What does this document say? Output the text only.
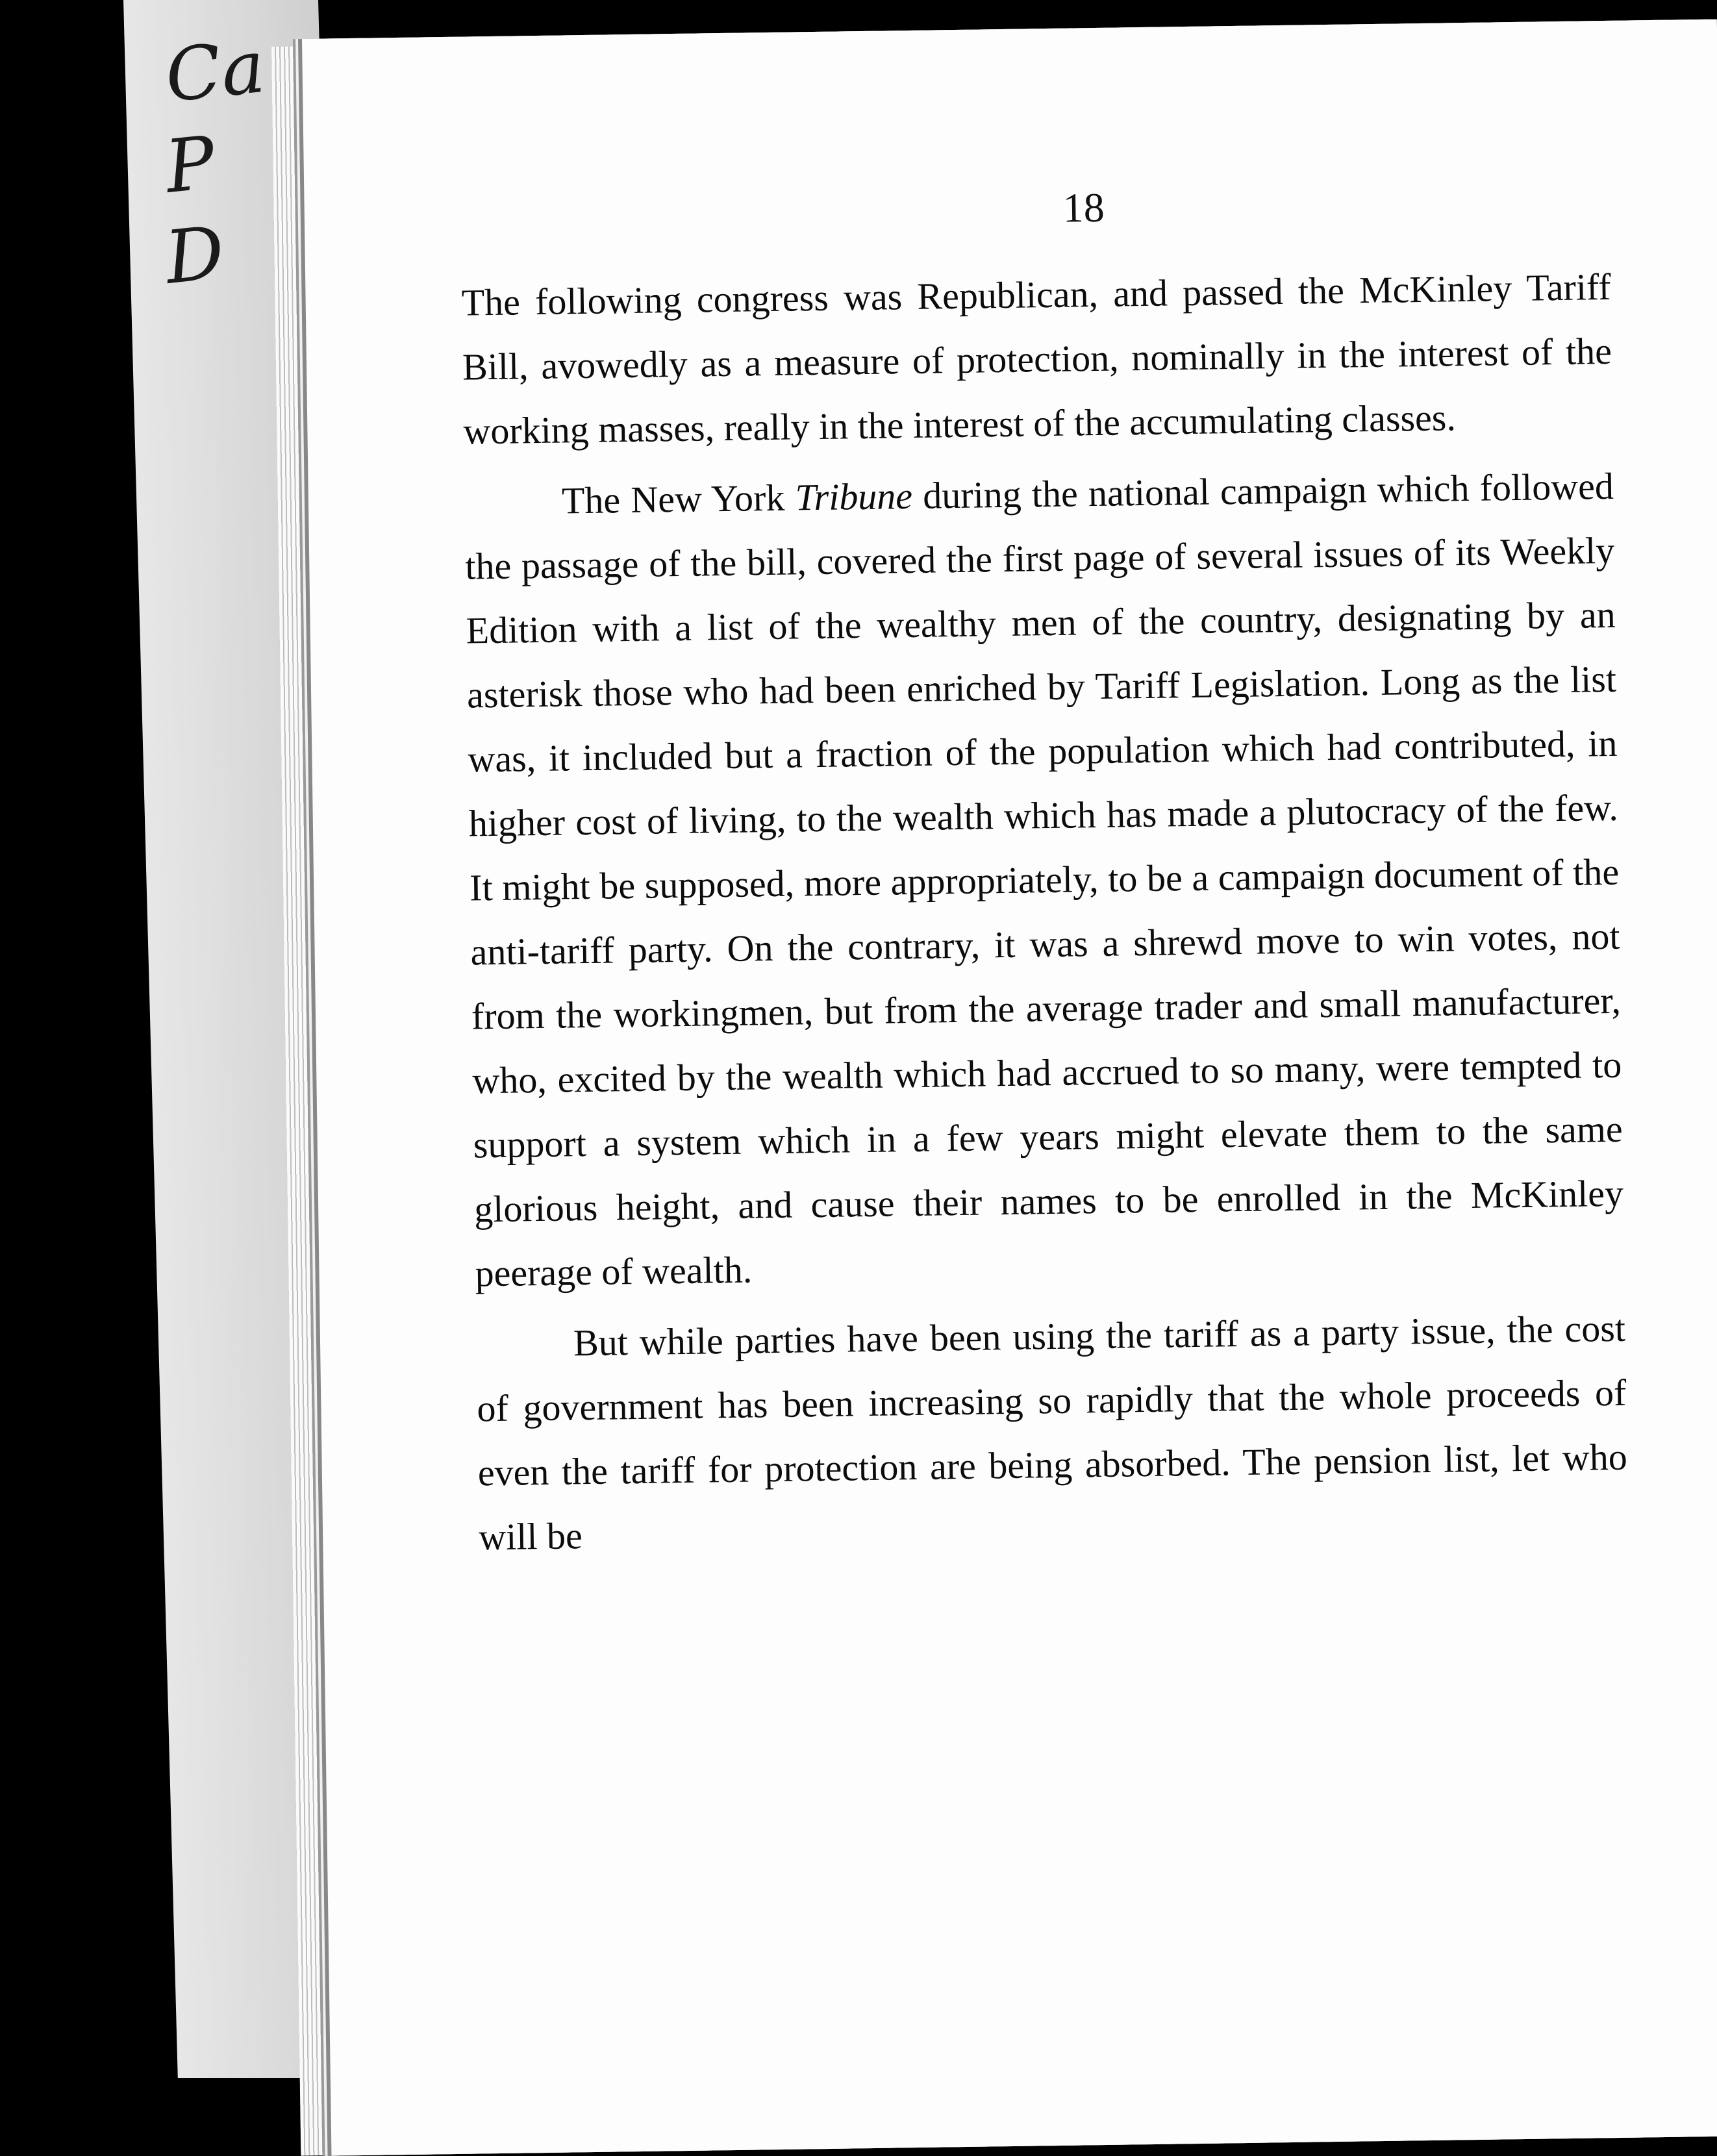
Ca
P
D
18

The following congress was Republican, and passed the McKinley Tariff Bill, avowedly as a measure of protection, nominally in the interest of the working masses, really in the interest of the accumulating classes.

The New York Tribune during the national campaign which followed the passage of the bill, covered the first page of several issues of its Weekly Edition with a list of the wealthy men of the country, designating by an asterisk those who had been enriched by Tariff Legislation. Long as the list was, it included but a fraction of the population which had contributed, in higher cost of living, to the wealth which has made a plutocracy of the few. It might be supposed, more appropriately, to be a campaign document of the anti-tariff party. On the contrary, it was a shrewd move to win votes, not from the workingmen, but from the average trader and small manufacturer, who, excited by the wealth which had accrued to so many, were tempted to support a system which in a few years might elevate them to the same glorious height, and cause their names to be enrolled in the McKinley peerage of wealth.

But while parties have been using the tariff as a party issue, the cost of government has been increasing so rapidly that the whole proceeds of even the tariff for protection are being absorbed. The pension list, let who will be
